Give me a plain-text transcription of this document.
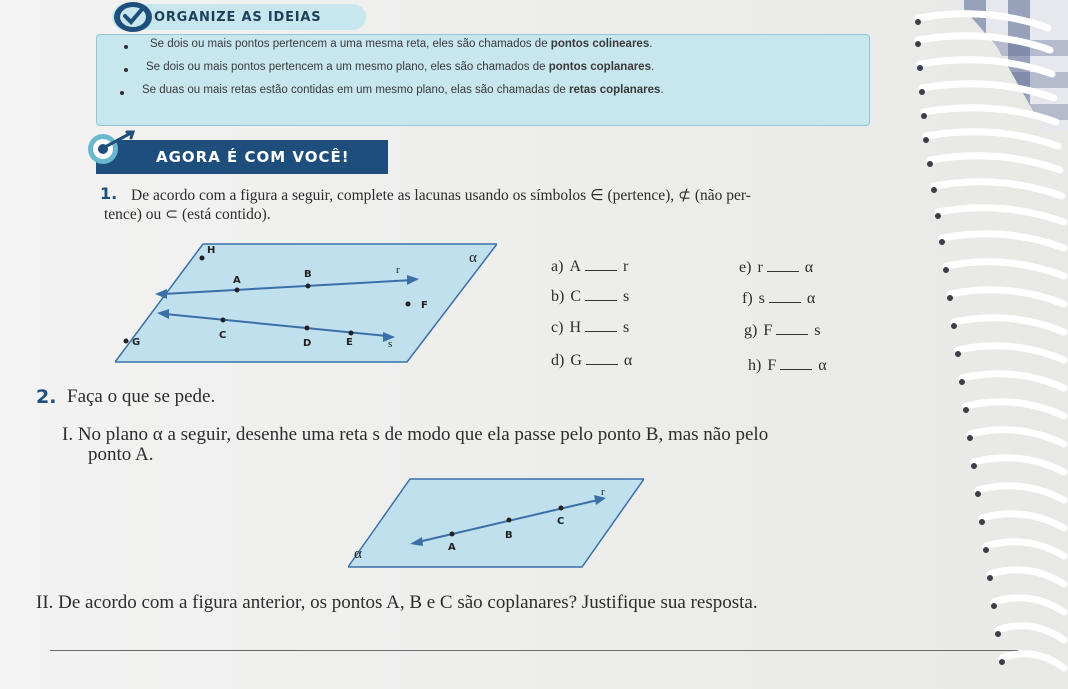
ORGANIZE AS IDEIAS
Se dois ou mais pontos pertencem a uma mesma reta, eles são chamados de pontos colineares.
Se dois ou mais pontos pertencem a um mesmo plano, eles são chamados de pontos coplanares.
Se duas ou mais retas estão contidas em um mesmo plano, elas são chamadas de retas coplanares.
AGORA É COM VOCÊ!
1. De acordo com a figura a seguir, complete as lacunas usando os símbolos ∈ (pertence), ⊄ (não per-
tence) ou ⊂ (está contido).
α
H
A
B	r
F
C
D	E	s
G
a) A	r
b) C	s
c) H	s
d) G	α
e) r	α
f) s	α
g) F	s
h) F	α
2. Faça o que se pede.
I. No plano α a seguir, desenhe uma reta s de modo que ela passe pelo ponto B, mas não pelo
ponto A.
A
B
C
r
α
II. De acordo com a figura anterior, os pontos A, B e C são coplanares? Justifique sua resposta.
